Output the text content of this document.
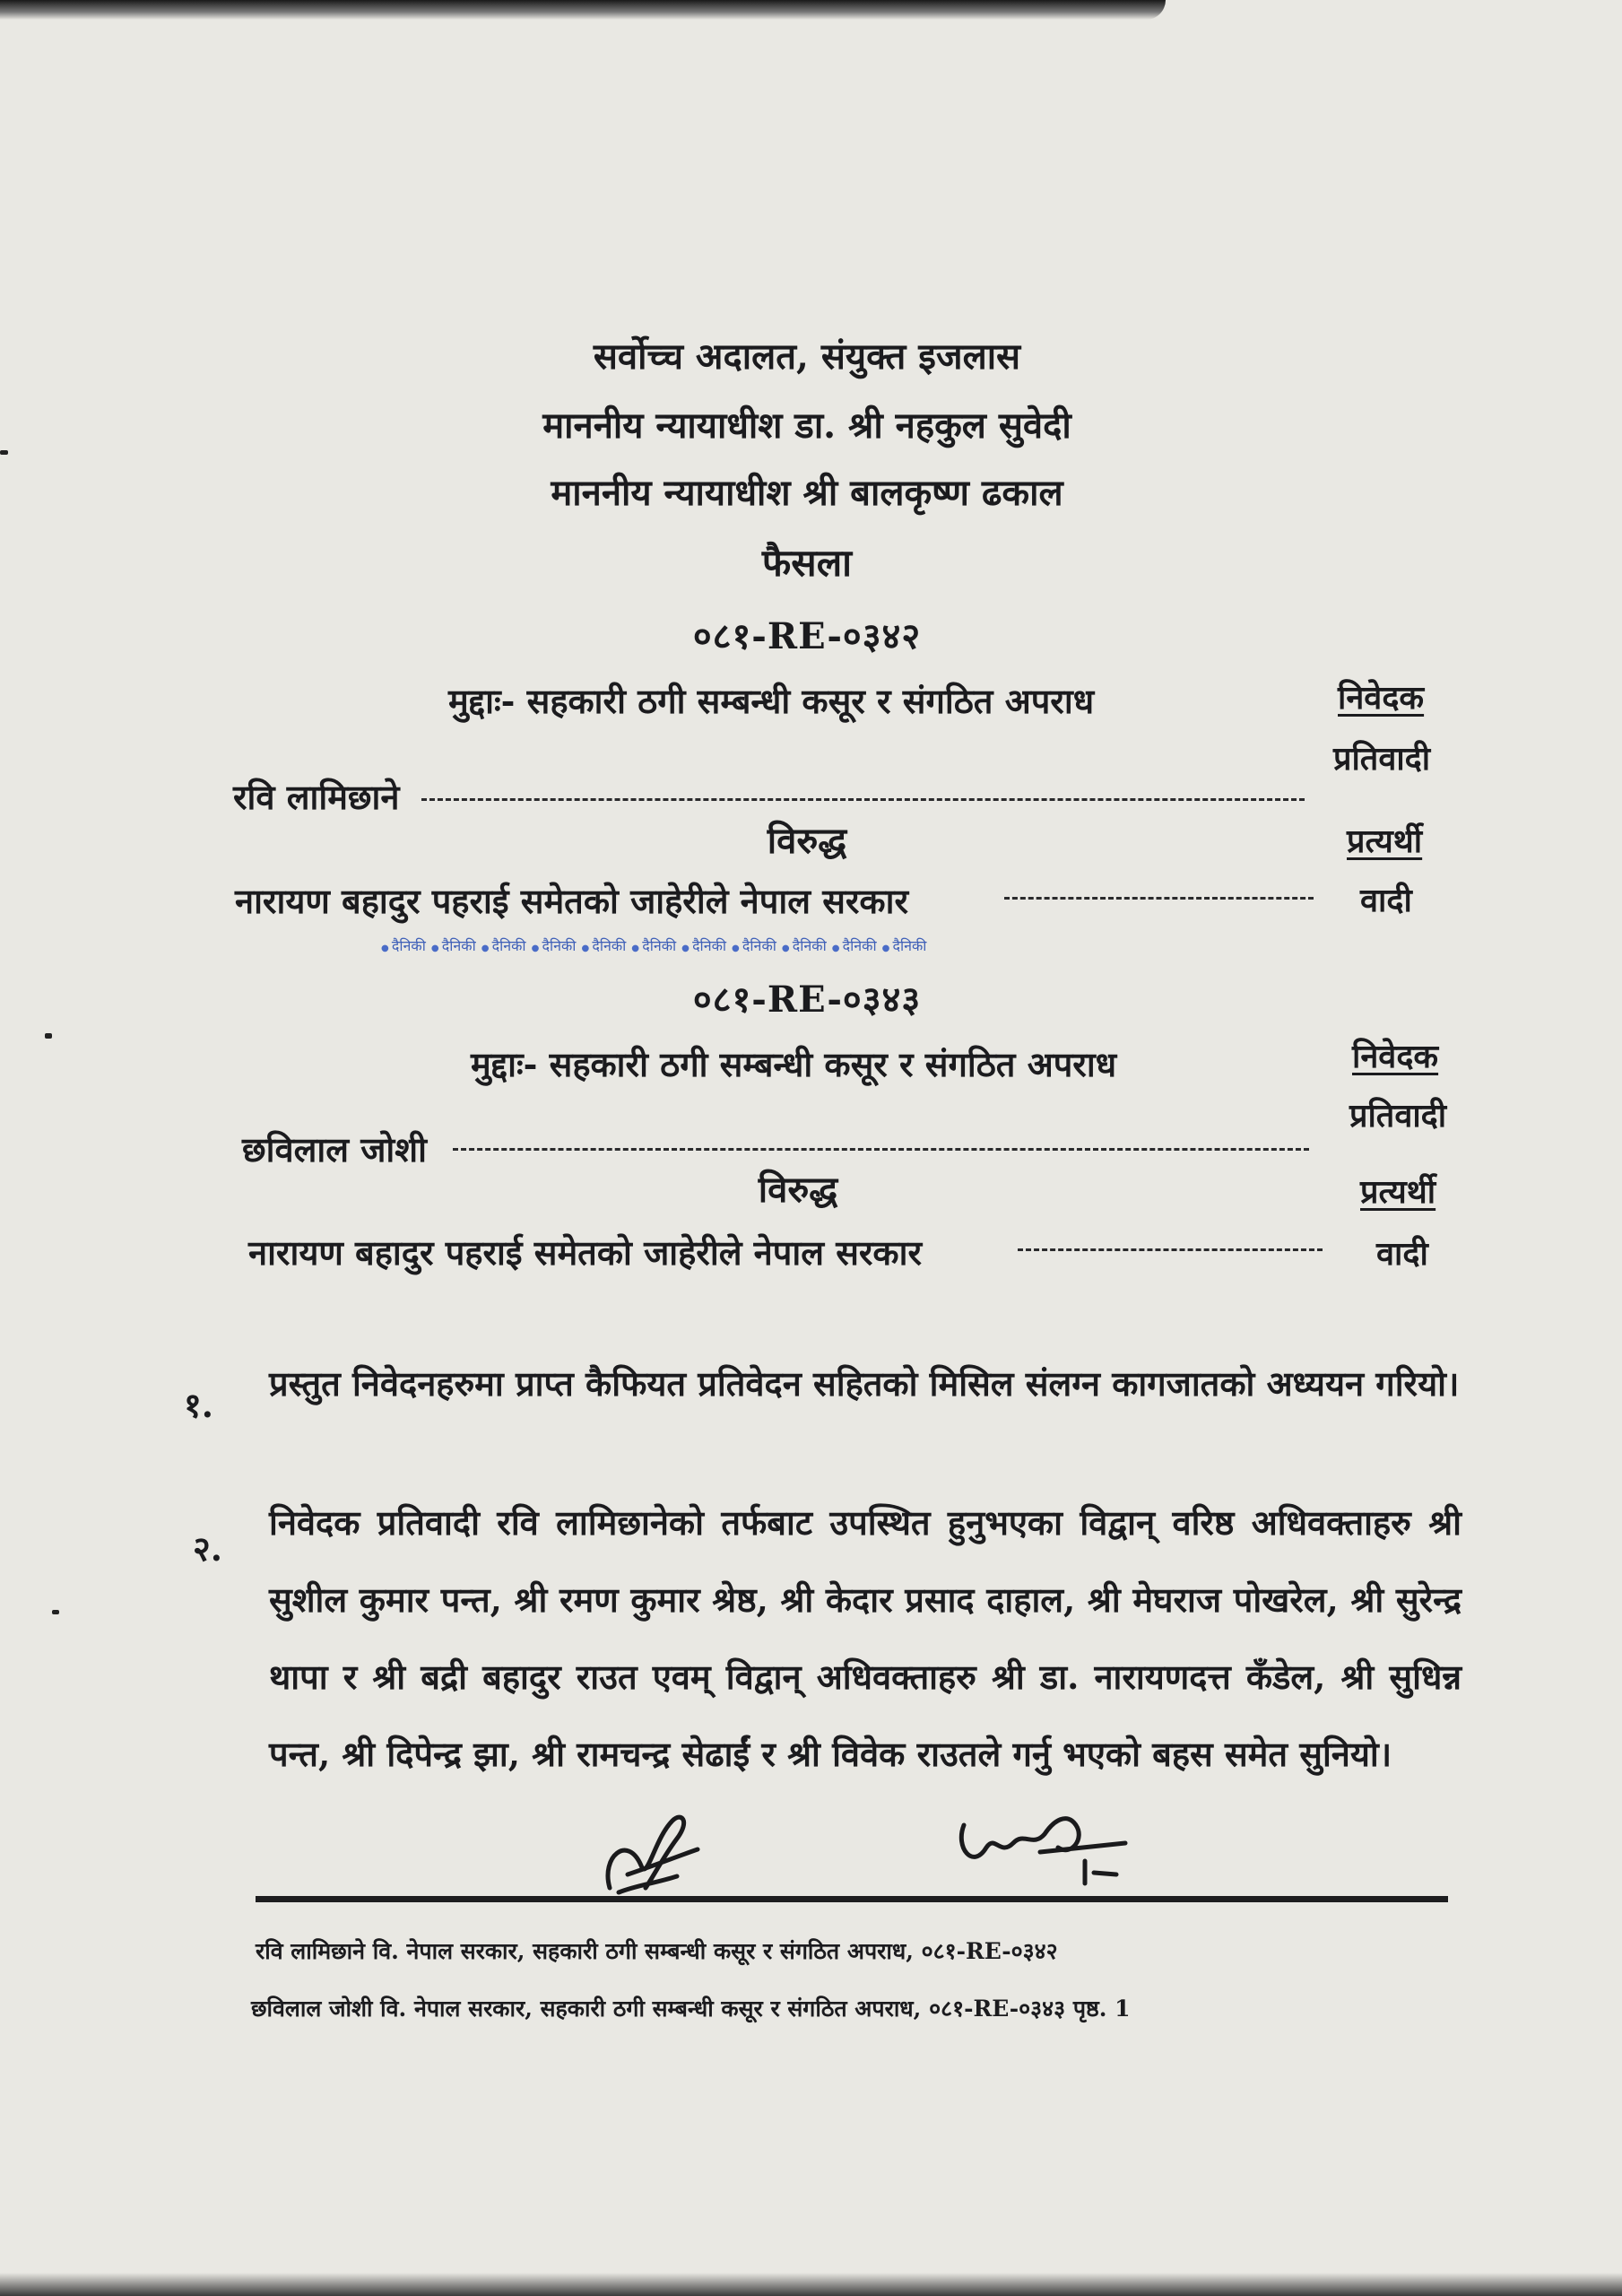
सर्वोच्च अदालत, संयुक्त इजलास
माननीय न्यायाधीश डा. श्री नहकुल सुवेदी
माननीय न्यायाधीश श्री बालकृष्ण ढकाल
फैसला
०८१-RE-०३४२
मुद्दाः- सहकारी ठगी सम्बन्धी कसूर र संगठित अपराध	निवेदक
प्रतिवादी
रवि लामिछाने
विरुद्ध	प्रत्यर्थी
नारायण बहादुर पहराई समेतको जाहेरीले नेपाल सरकार	वादी
● दैनिकी	● दैनिकी	● दैनिकी	● दैनिकी	● दैनिकी	● दैनिकी	● दैनिकी	● दैनिकी	● दैनिकी	● दैनिकी	● दैनिकी
०८१-RE-०३४३
मुद्दाः- सहकारी ठगी सम्बन्धी कसूर र संगठित अपराध	निवेदक
प्रतिवादी
छविलाल जोशी
विरुद्ध	प्रत्यर्थी
नारायण बहादुर पहराई समेतको जाहेरीले नेपाल सरकार	वादी
१.
प्रस्तुत निवेदनहरुमा प्राप्त कैफियत प्रतिवेदन सहितको मिसिल संलग्न कागजातको अध्ययन गरियो।
२.
निवेदक प्रतिवादी रवि लामिछानेको तर्फबाट उपस्थित हुनुभएका विद्वान् वरिष्ठ अधिवक्ताहरु श्री सुशील कुमार पन्त, श्री रमण कुमार श्रेष्ठ, श्री केदार प्रसाद दाहाल, श्री मेघराज पोखरेल, श्री सुरेन्द्र थापा र श्री बद्री बहादुर राउत एवम् विद्वान् अधिवक्ताहरु श्री डा. नारायणदत्त कँडेल, श्री सुधिन्न पन्त, श्री दिपेन्द्र झा, श्री रामचन्द्र सेढाईं र श्री विवेक राउतले गर्नु भएको बहस समेत सुनियो।
रवि लामिछाने वि. नेपाल सरकार, सहकारी ठगी सम्बन्धी कसूर र संगठित अपराध, ०८१-RE-०३४२
छविलाल जोशी वि. नेपाल सरकार, सहकारी ठगी सम्बन्धी कसूर र संगठित अपराध, ०८१-RE-०३४३ पृष्ठ. 1
